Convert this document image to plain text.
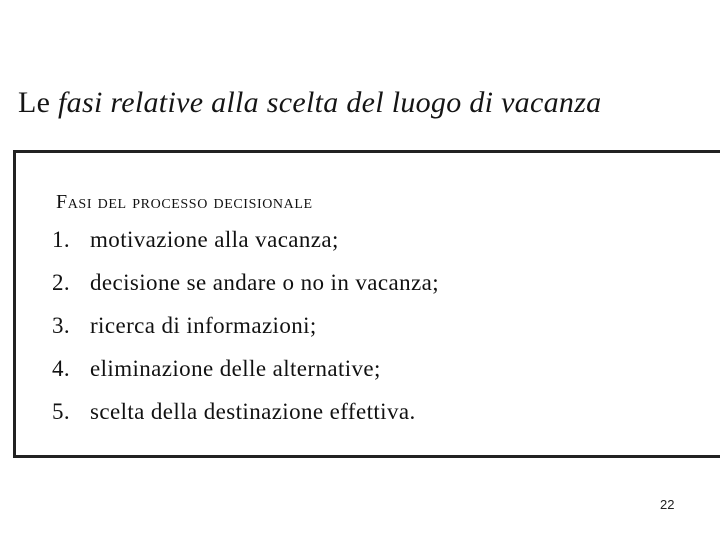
Le fasi relative alla scelta del luogo di vacanza
Fasi del processo decisionale
1. motivazione alla vacanza;
2. decisione se andare o no in vacanza;
3. ricerca di informazioni;
4. eliminazione delle alternative;
5. scelta della destinazione effettiva.
22
